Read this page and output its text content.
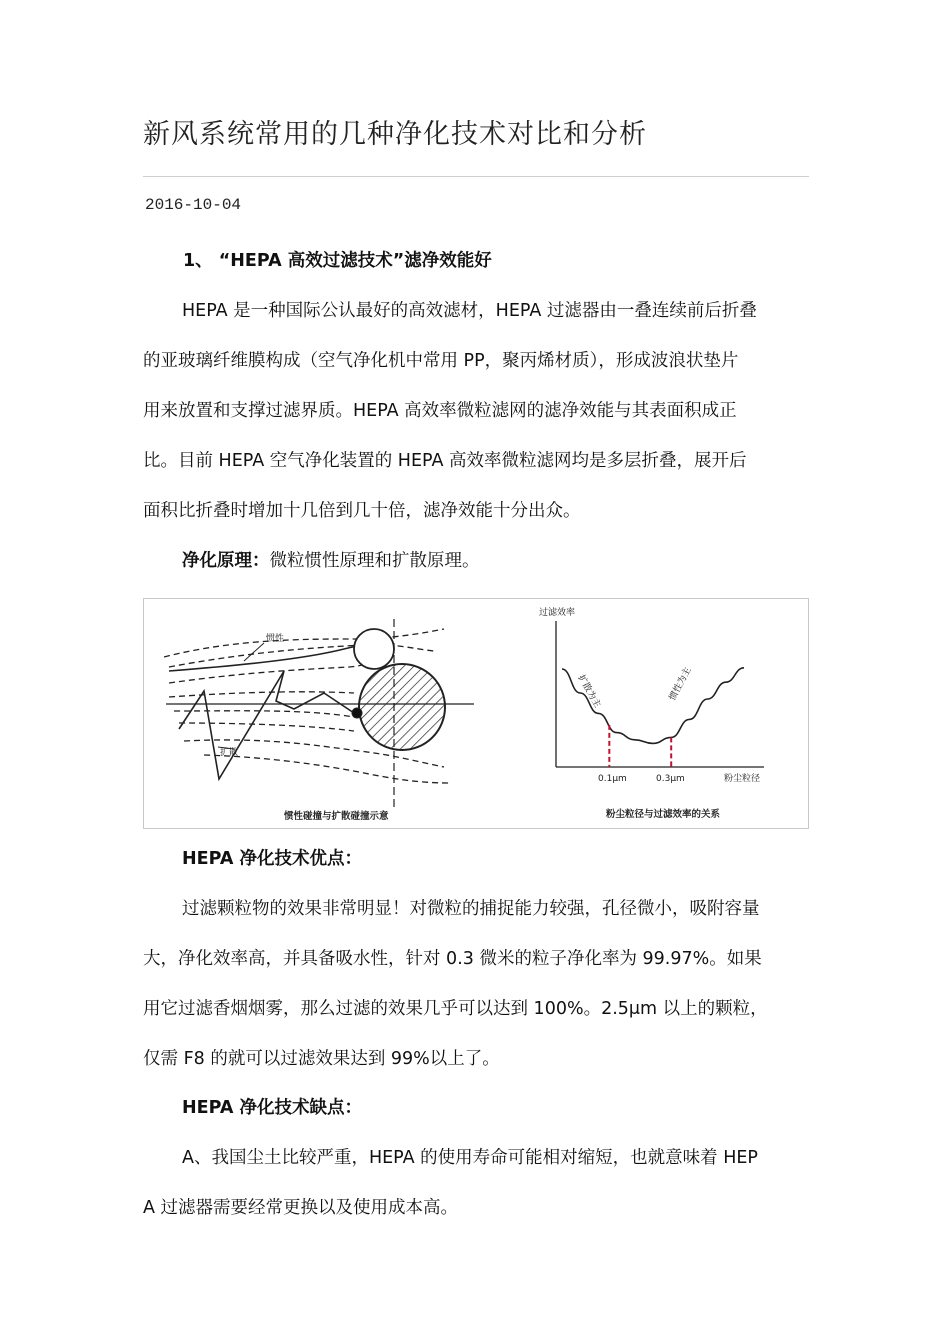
新风系统常用的几种净化技术对比和分析
2016-10-04

1、 “HEPA 高效过滤技术”滤净效能好

HEPA 是一种国际公认最好的高效滤材，HEPA 过滤器由一叠连续前后折叠
的亚玻璃纤维膜构成（空气净化机中常用 PP，聚丙烯材质），形成波浪状垫片
用来放置和支撑过滤界质。HEPA 高效率微粒滤网的滤净效能与其表面积成正
比。目前 HEPA 空气净化装置的 HEPA 高效率微粒滤网均是多层折叠，展开后
面积比折叠时增加十几倍到几十倍，滤净效能十分出众。
净化原理：微粒惯性原理和扩散原理。
惯性
扩散
惯性碰撞与扩散碰撞示意
过滤效率
粉尘粒径
0.1μm	0.3μm
扩散为主	惯性为主
粉尘粒径与过滤效率的关系

HEPA 净化技术优点：

过滤颗粒物的效果非常明显！对微粒的捕捉能力较强，孔径微小，吸附容量
大，净化效率高，并具备吸水性，针对 0.3 微米的粒子净化率为 99.97%。如果
用它过滤香烟烟雾，那么过滤的效果几乎可以达到 100%。2.5μm 以上的颗粒，
仅需 F8 的就可以过滤效果达到 99%以上了。

HEPA 净化技术缺点：

A、我国尘土比较严重，HEPA 的使用寿命可能相对缩短，也就意味着 HEP
A 过滤器需要经常更换以及使用成本高。
